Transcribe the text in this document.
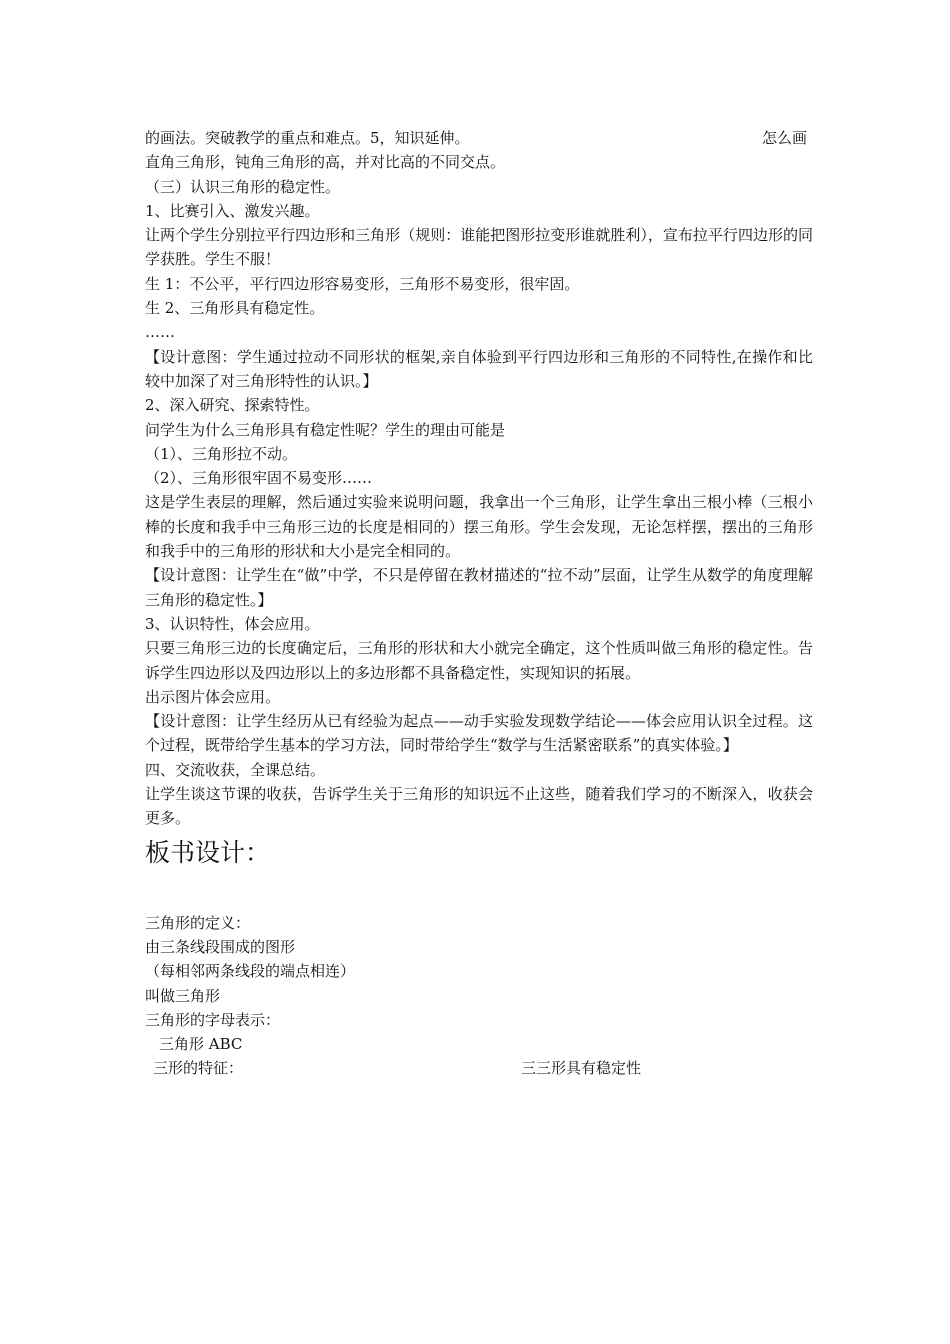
的画法。突破教学的重点和难点。5，知识延伸。	怎么画
直角三角形，钝角三角形的高，并对比高的不同交点。
（三）认识三角形的稳定性。
1、比赛引入、激发兴趣。
让两个学生分别拉平行四边形和三角形（规则：谁能把图形拉变形谁就胜利），宣布拉平行四边形的同学获胜。学生不服！
生 1：不公平，平行四边形容易变形，三角形不易变形，很牢固。
生 2、三角形具有稳定性。
……
【设计意图：学生通过拉动不同形状的框架,亲自体验到平行四边形和三角形的不同特性,在操作和比较中加深了对三角形特性的认识。】
2、深入研究、探索特性。
问学生为什么三角形具有稳定性呢？学生的理由可能是
（1）、三角形拉不动。
（2）、三角形很牢固不易变形……
这是学生表层的理解，然后通过实验来说明问题，我拿出一个三角形，让学生拿出三根小棒（三根小棒的长度和我手中三角形三边的长度是相同的）摆三角形。学生会发现，无论怎样摆，摆出的三角形和我手中的三角形的形状和大小是完全相同的。
【设计意图：让学生在“做”中学，不只是停留在教材描述的“拉不动”层面，让学生从数学的角度理解三角形的稳定性。】
3、认识特性，体会应用。
只要三角形三边的长度确定后，三角形的形状和大小就完全确定，这个性质叫做三角形的稳定性。告诉学生四边形以及四边形以上的多边形都不具备稳定性，实现知识的拓展。
出示图片体会应用。
【设计意图：让学生经历从已有经验为起点——动手实验发现数学结论——体会应用认识全过程。这个过程，既带给学生基本的学习方法，同时带给学生“数学与生活紧密联系”的真实体验。】
四、交流收获，全课总结。
让学生谈这节课的收获，告诉学生关于三角形的知识远不止这些，随着我们学习的不断深入，收获会更多。
板书设计：
三角形的定义：
由三条线段围成的图形
（每相邻两条线段的端点相连）
叫做三角形
三角形的字母表示：
三角形 ABC
三形的特征：	三三形具有稳定性
